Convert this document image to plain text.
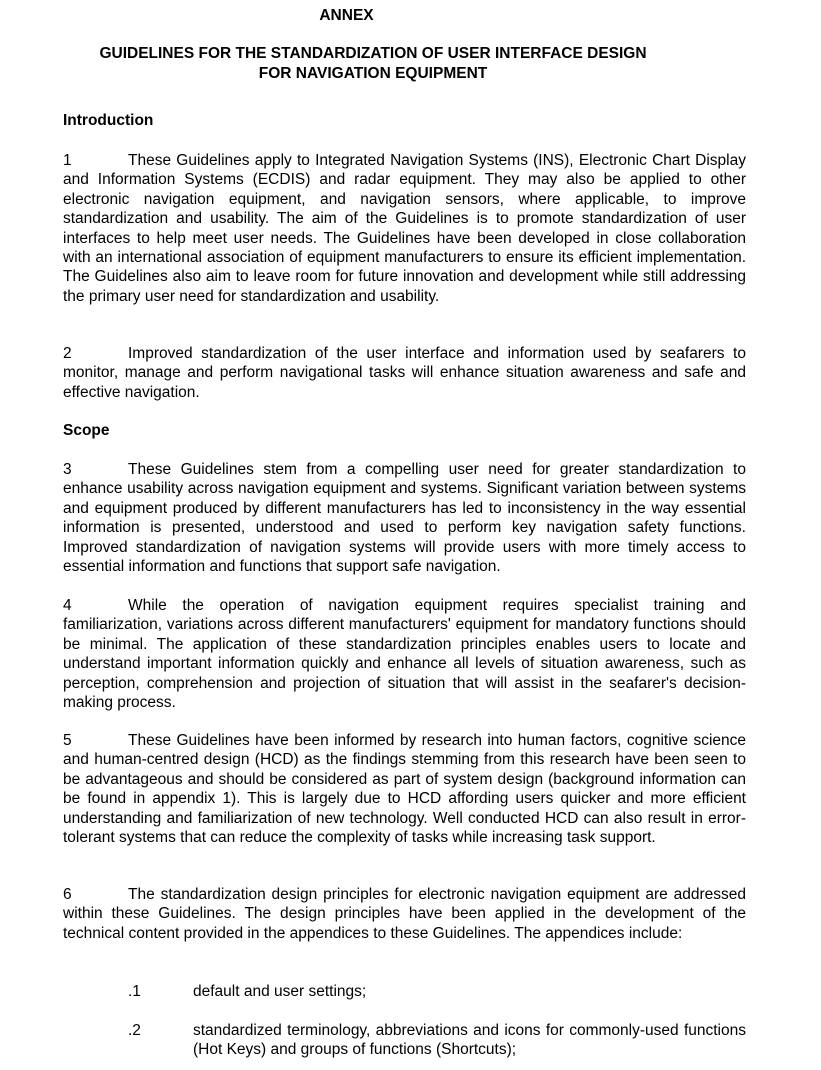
ANNEX
GUIDELINES FOR THE STANDARDIZATION OF USER INTERFACE DESIGN
FOR NAVIGATION EQUIPMENT
Introduction
1	These Guidelines apply to Integrated Navigation Systems (INS), Electronic Chart Display and Information Systems (ECDIS) and radar equipment. They may also be applied to other electronic navigation equipment, and navigation sensors, where applicable, to improve standardization and usability. The aim of the Guidelines is to promote standardization of user interfaces to help meet user needs. The Guidelines have been developed in close collaboration with an international association of equipment manufacturers to ensure its efficient implementation. The Guidelines also aim to leave room for future innovation and development while still addressing the primary user need for standardization and usability.
2	Improved standardization of the user interface and information used by seafarers to monitor, manage and perform navigational tasks will enhance situation awareness and safe and effective navigation.
Scope
3	These Guidelines stem from a compelling user need for greater standardization to enhance usability across navigation equipment and systems. Significant variation between systems and equipment produced by different manufacturers has led to inconsistency in the way essential information is presented, understood and used to perform key navigation safety functions. Improved standardization of navigation systems will provide users with more timely access to essential information and functions that support safe navigation.
4	While the operation of navigation equipment requires specialist training and familiarization, variations across different manufacturers' equipment for mandatory functions should be minimal. The application of these standardization principles enables users to locate and understand important information quickly and enhance all levels of situation awareness, such as perception, comprehension and projection of situation that will assist in the seafarer's decision-making process.
5	These Guidelines have been informed by research into human factors, cognitive science and human-centred design (HCD) as the findings stemming from this research have been seen to be advantageous and should be considered as part of system design (background information can be found in appendix 1). This is largely due to HCD affording users quicker and more efficient understanding and familiarization of new technology. Well conducted HCD can also result in error-tolerant systems that can reduce the complexity of tasks while increasing task support.
6	The standardization design principles for electronic navigation equipment are addressed within these Guidelines. The design principles have been applied in the development of the technical content provided in the appendices to these Guidelines. The appendices include:
.1	default and user settings;
.2	standardized terminology, abbreviations and icons for commonly-used functions (Hot Keys) and groups of functions (Shortcuts);
